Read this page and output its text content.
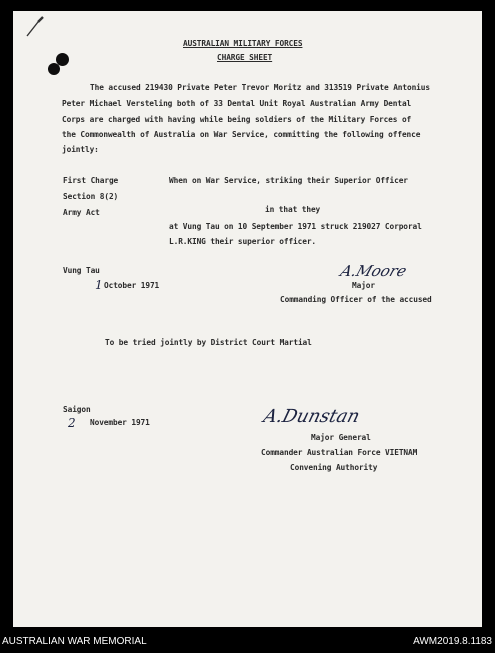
AUSTRALIAN MILITARY FORCES
CHARGE SHEET
The accused 219430 Private Peter Trevor Moritz and 313519 Private Antonius
Peter Michael Versteling both of 33 Dental Unit Royal Australian Army Dental
Corps are charged with having while being soldiers of the Military Forces of
the Commonwealth of Australia on War Service, committing the following offence
jointly:
First Charge
Section 8(2)
Army Act
When on War Service, striking their Superior Officer
in that they
at Vung Tau on 10 September 1971 struck 219027 Corporal
L.R.KING their superior officer.
Vung Tau
1 October 1971
A.Moore
Major
Commanding Officer of the accused
To be tried jointly by District Court Martial
Saigon
2 November 1971	A.Dunstan
Major General
Commander Australian Force VIETNAM
Convening Authority
AUSTRALIAN WAR MEMORIAL	AWM2019.8.1183
